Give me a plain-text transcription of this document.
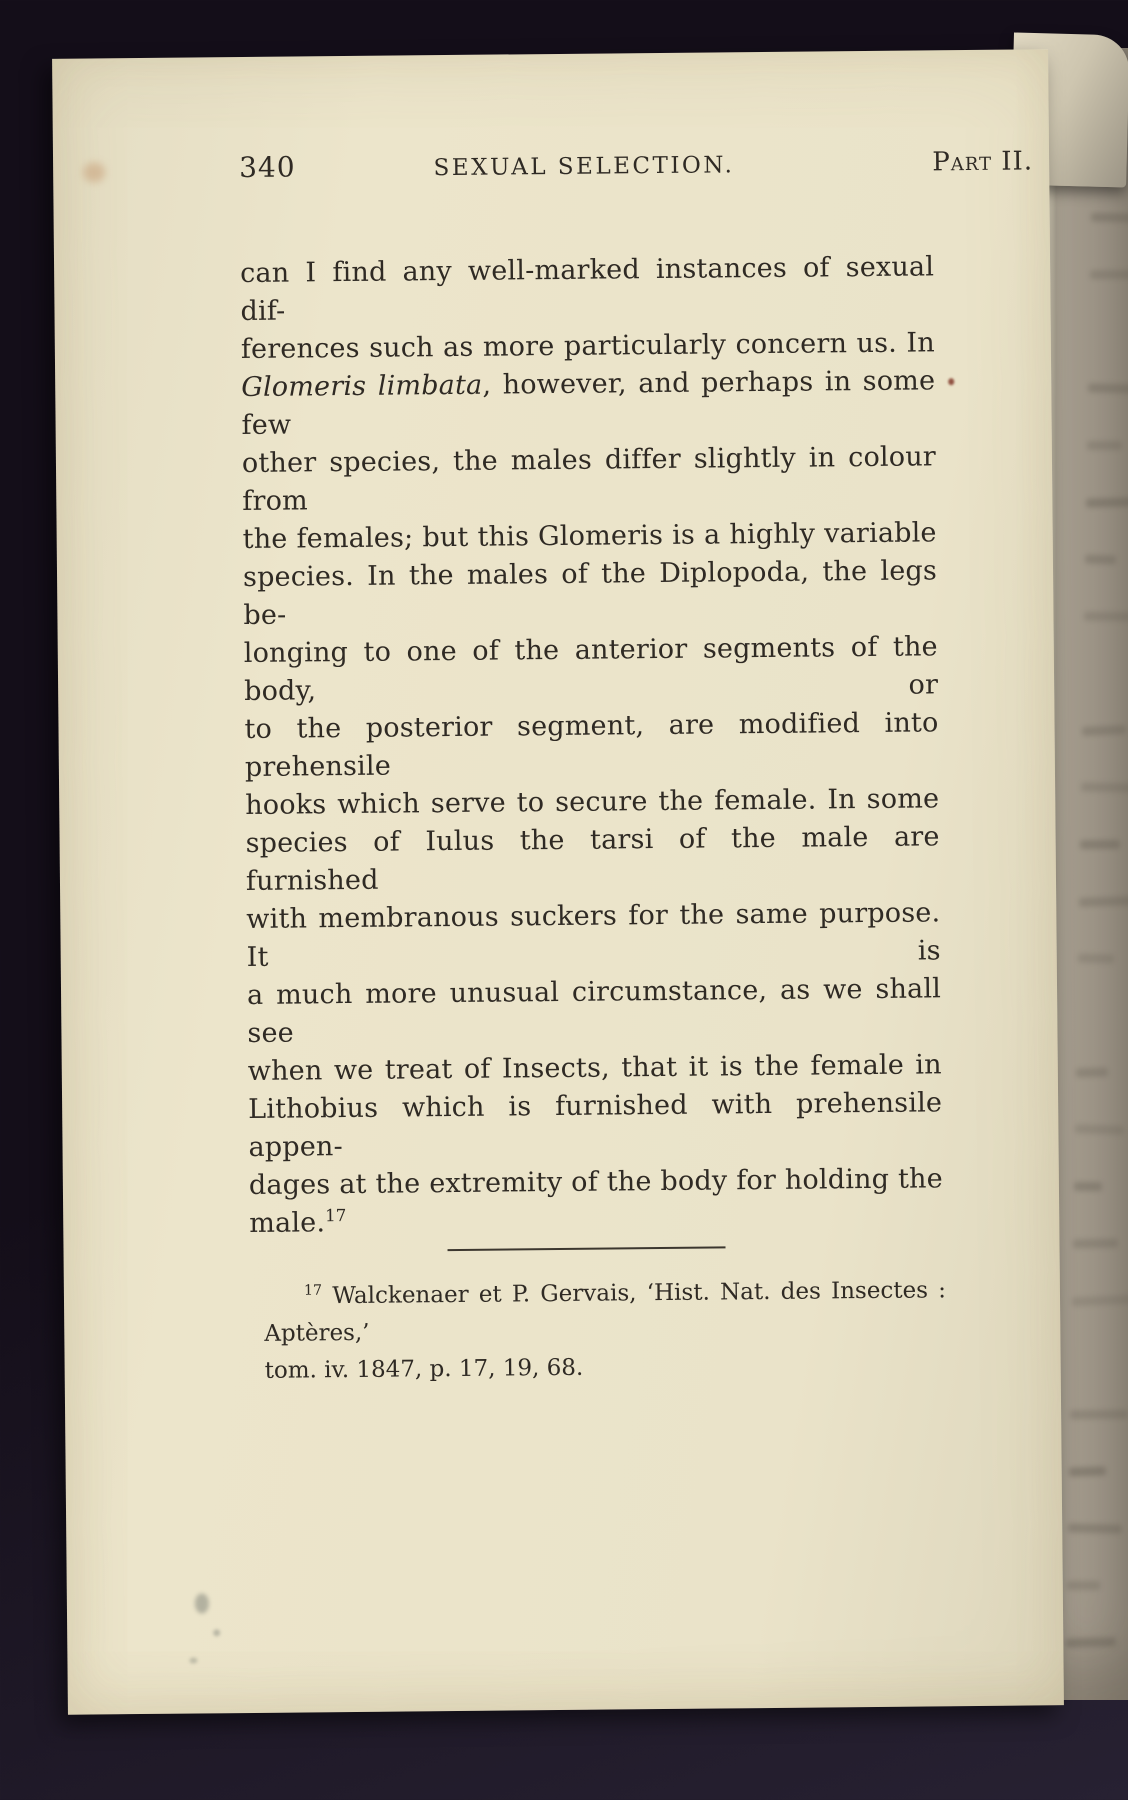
340	SEXUAL SELECTION.	Part II.
can I find any well-marked instances of sexual dif-
ferences such as more particularly concern us. In
Glomeris limbata, however, and perhaps in some few
other species, the males differ slightly in colour from
the females; but this Glomeris is a highly variable
species. In the males of the Diplopoda, the legs be-
longing to one of the anterior segments of the body, or
to the posterior segment, are modified into prehensile
hooks which serve to secure the female. In some
species of Iulus the tarsi of the male are furnished
with membranous suckers for the same purpose. It is
a much more unusual circumstance, as we shall see
when we treat of Insects, that it is the female in
Lithobius which is furnished with prehensile appen-
dages at the extremity of the body for holding the
male.$^{17}$
$^{17}$ Walckenaer et P. Gervais, ‘Hist. Nat. des Insectes : Aptères,’
tom. iv. 1847, p. 17, 19, 68.
